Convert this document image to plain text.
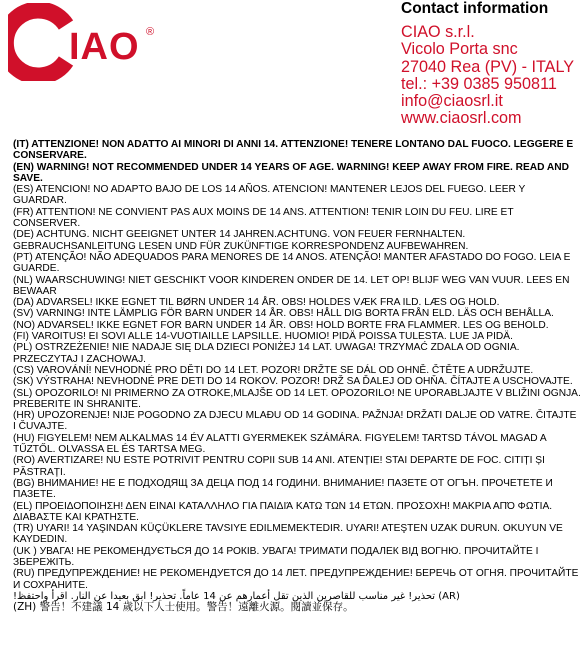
IAO ®
Contact information
CIAO s.r.l.
Vicolo Porta snc
27040 Rea (PV) - ITALY
tel.: +39 0385 950811
info@ciaosrl.it
www.ciaosrl.com

(IT) ATTENZIONE! NON ADATTO AI MINORI DI ANNI 14. ATTENZIONE! TENERE LONTANO DAL FUOCO. LEGGERE E CONSERVARE.

(EN) WARNING! NOT RECOMMENDED UNDER 14 YEARS OF AGE. WARNING! KEEP AWAY FROM FIRE. READ AND SAVE.

(ES) ATENCION! NO ADAPTO BAJO DE LOS 14 AÑOS. ATENCION! MANTENER LEJOS DEL FUEGO. LEER Y GUARDAR.

(FR) ATTENTION! NE CONVIENT PAS AUX MOINS DE 14 ANS. ATTENTION! TENIR LOIN DU FEU. LIRE ET CONSERVER.

(DE) ACHTUNG. NICHT GEEIGNET UNTER 14 JAHREN.ACHTUNG. VON FEUER FERNHALTEN. GEBRAUCHSANLEITUNG LESEN UND FÜR ZUKÜNFTIGE KORRESPONDENZ AUFBEWAHREN.

(PT) ATENÇÃO! NÃO ADEQUADOS PARA MENORES DE 14 ANOS. ATENÇÃO! MANTER AFASTADO DO FOGO. LEIA E GUARDE.

(NL) WAARSCHUWING! NIET GESCHIKT VOOR KINDEREN ONDER DE 14. LET OP! BLIJF WEG VAN VUUR. LEES EN BEWAAR

(DA) ADVARSEL! IKKE EGNET TIL BØRN UNDER 14 ÅR. OBS! HOLDES VÆK FRA ILD. LÆS OG HOLD.

(SV) VARNING! INTE LÄMPLIG FÖR BARN UNDER 14 ÅR. OBS! HÅLL DIG BORTA FRÅN ELD. LÄS OCH BEHÅLLA.

(NO) ADVARSEL! IKKE EGNET FOR BARN UNDER 14 ÅR. OBS! HOLD BORTE FRA FLAMMER. LES OG BEHOLD.

(FI) VAROITUS! EI SOVI ALLE 14-VUOTIAILLE LAPSILLE. HUOMIO! PIDÄ POISSA TULESTA. LUE JA PIDÄ.

(PL) OSTRZEŻENIE! NIE NADAJE SIĘ DLA DZIECI PONIŻEJ 14 LAT. UWAGA! TRZYMAĆ ZDALA OD OGNIA. PRZECZYTAJ I ZACHOWAJ.

(CS) VAROVÁNÍ! NEVHODNÉ PRO DĚTI DO 14 LET. POZOR! DRŽTE SE DÁL OD OHNĚ. ČTĚTE A UDRŽUJTE.

(SK) VÝSTRAHA! NEVHODNÉ PRE DETI DO 14 ROKOV. POZOR! DRŽ SA ĎALEJ OD OHŇA. ČÍTAJTE A USCHOVAJTE.

(SL) OPOZORILO! NI PRIMERNO ZA OTROKE,MLAJŠE OD 14 LET. OPOZORILO! NE UPORABLJAJTE V BLIŽINI OGNJA. PREBERITE IN SHRANITE.

(HR) UPOZORENJE! NIJE POGODNO ZA DJECU MLAĐU OD 14 GODINA. PAŽNJA! DRŽATI DALJE OD VATRE. ČITAJTE I ČUVAJTE.

(HU) FIGYELEM! NEM ALKALMAS 14 ÉV ALATTI GYERMEKEK SZÁMÁRA. FIGYELEM! TARTSD TÁVOL MAGAD A TŰZTŐL. OLVASSA EL ÉS TARTSA MEG.

(RO) AVERTIZARE! NU ESTE POTRIVIT PENTRU COPII SUB 14 ANI. ATENȚIE! STAI DEPARTE DE FOC. CITIȚI ȘI PĂSTRAȚI.

(BG) ВНИМАНИЕ! НЕ Е ПОДХОДЯЩ ЗА ДЕЦА ПОД 14 ГОДИНИ. ВНИМАНИЕ! ПАЗЕТЕ ОТ ОГЪН. ПРОЧЕТЕТЕ И ПАЗЕТЕ.

(EL) ΠΡΟΕΙΔΟΠΟΙΗΣΗ! ΔΕΝ ΕΙΝΑΙ ΚΑΤΑΛΛΗΛΟ ΓΙΑ ΠΑΙΔΙΆ ΚΑΤΩ ΤΩΝ 14 ΕΤΩΝ. ΠΡΟΣΟΧΗ! ΜΑΚΡΙΑ ΑΠΌ ΦΩΤΙΑ. ΔΙΑΒΑΣΤΕ ΚΑΙ ΚΡΑΤΗΣΤΕ.

(TR) UYARI! 14 YAŞINDAN KÜÇÜKLERE TAVSIYE EDILMEMEKTEDIR. UYARI! ATEŞTEN UZAK DURUN. OKUYUN VE KAYDEDIN.

(UK ) УВАГА! НЕ РЕКОМЕНДУЄТЬСЯ ДО 14 РОКІВ. УВАГА! ТРИМАТИ ПОДАЛЕК ВІД ВОГНЮ. ПРОЧИТАЙТЕ І ЗБЕРЕЖІТЬ.

(RU) ПРЕДУПРЕЖДЕНИЕ! НЕ РЕКОМЕНДУЕТСЯ ДО 14 ЛЕТ. ПРЕДУПРЕЖДЕНИЕ! БЕРЕЧЬ ОТ ОГНЯ. ПРОЧИТАЙТЕ И СОХРАНИТЕ.

(AR) تحذير! غير مناسب للقاصرين الذين تقل أعمارهم عن 14 عاماً. تحذير! ابق بعيدا عن النار. اقرأ واحتفظ!

(ZH) 警告！不建議 14 歲以下人士使用。警告！遠離火源。閱讀並保存。
